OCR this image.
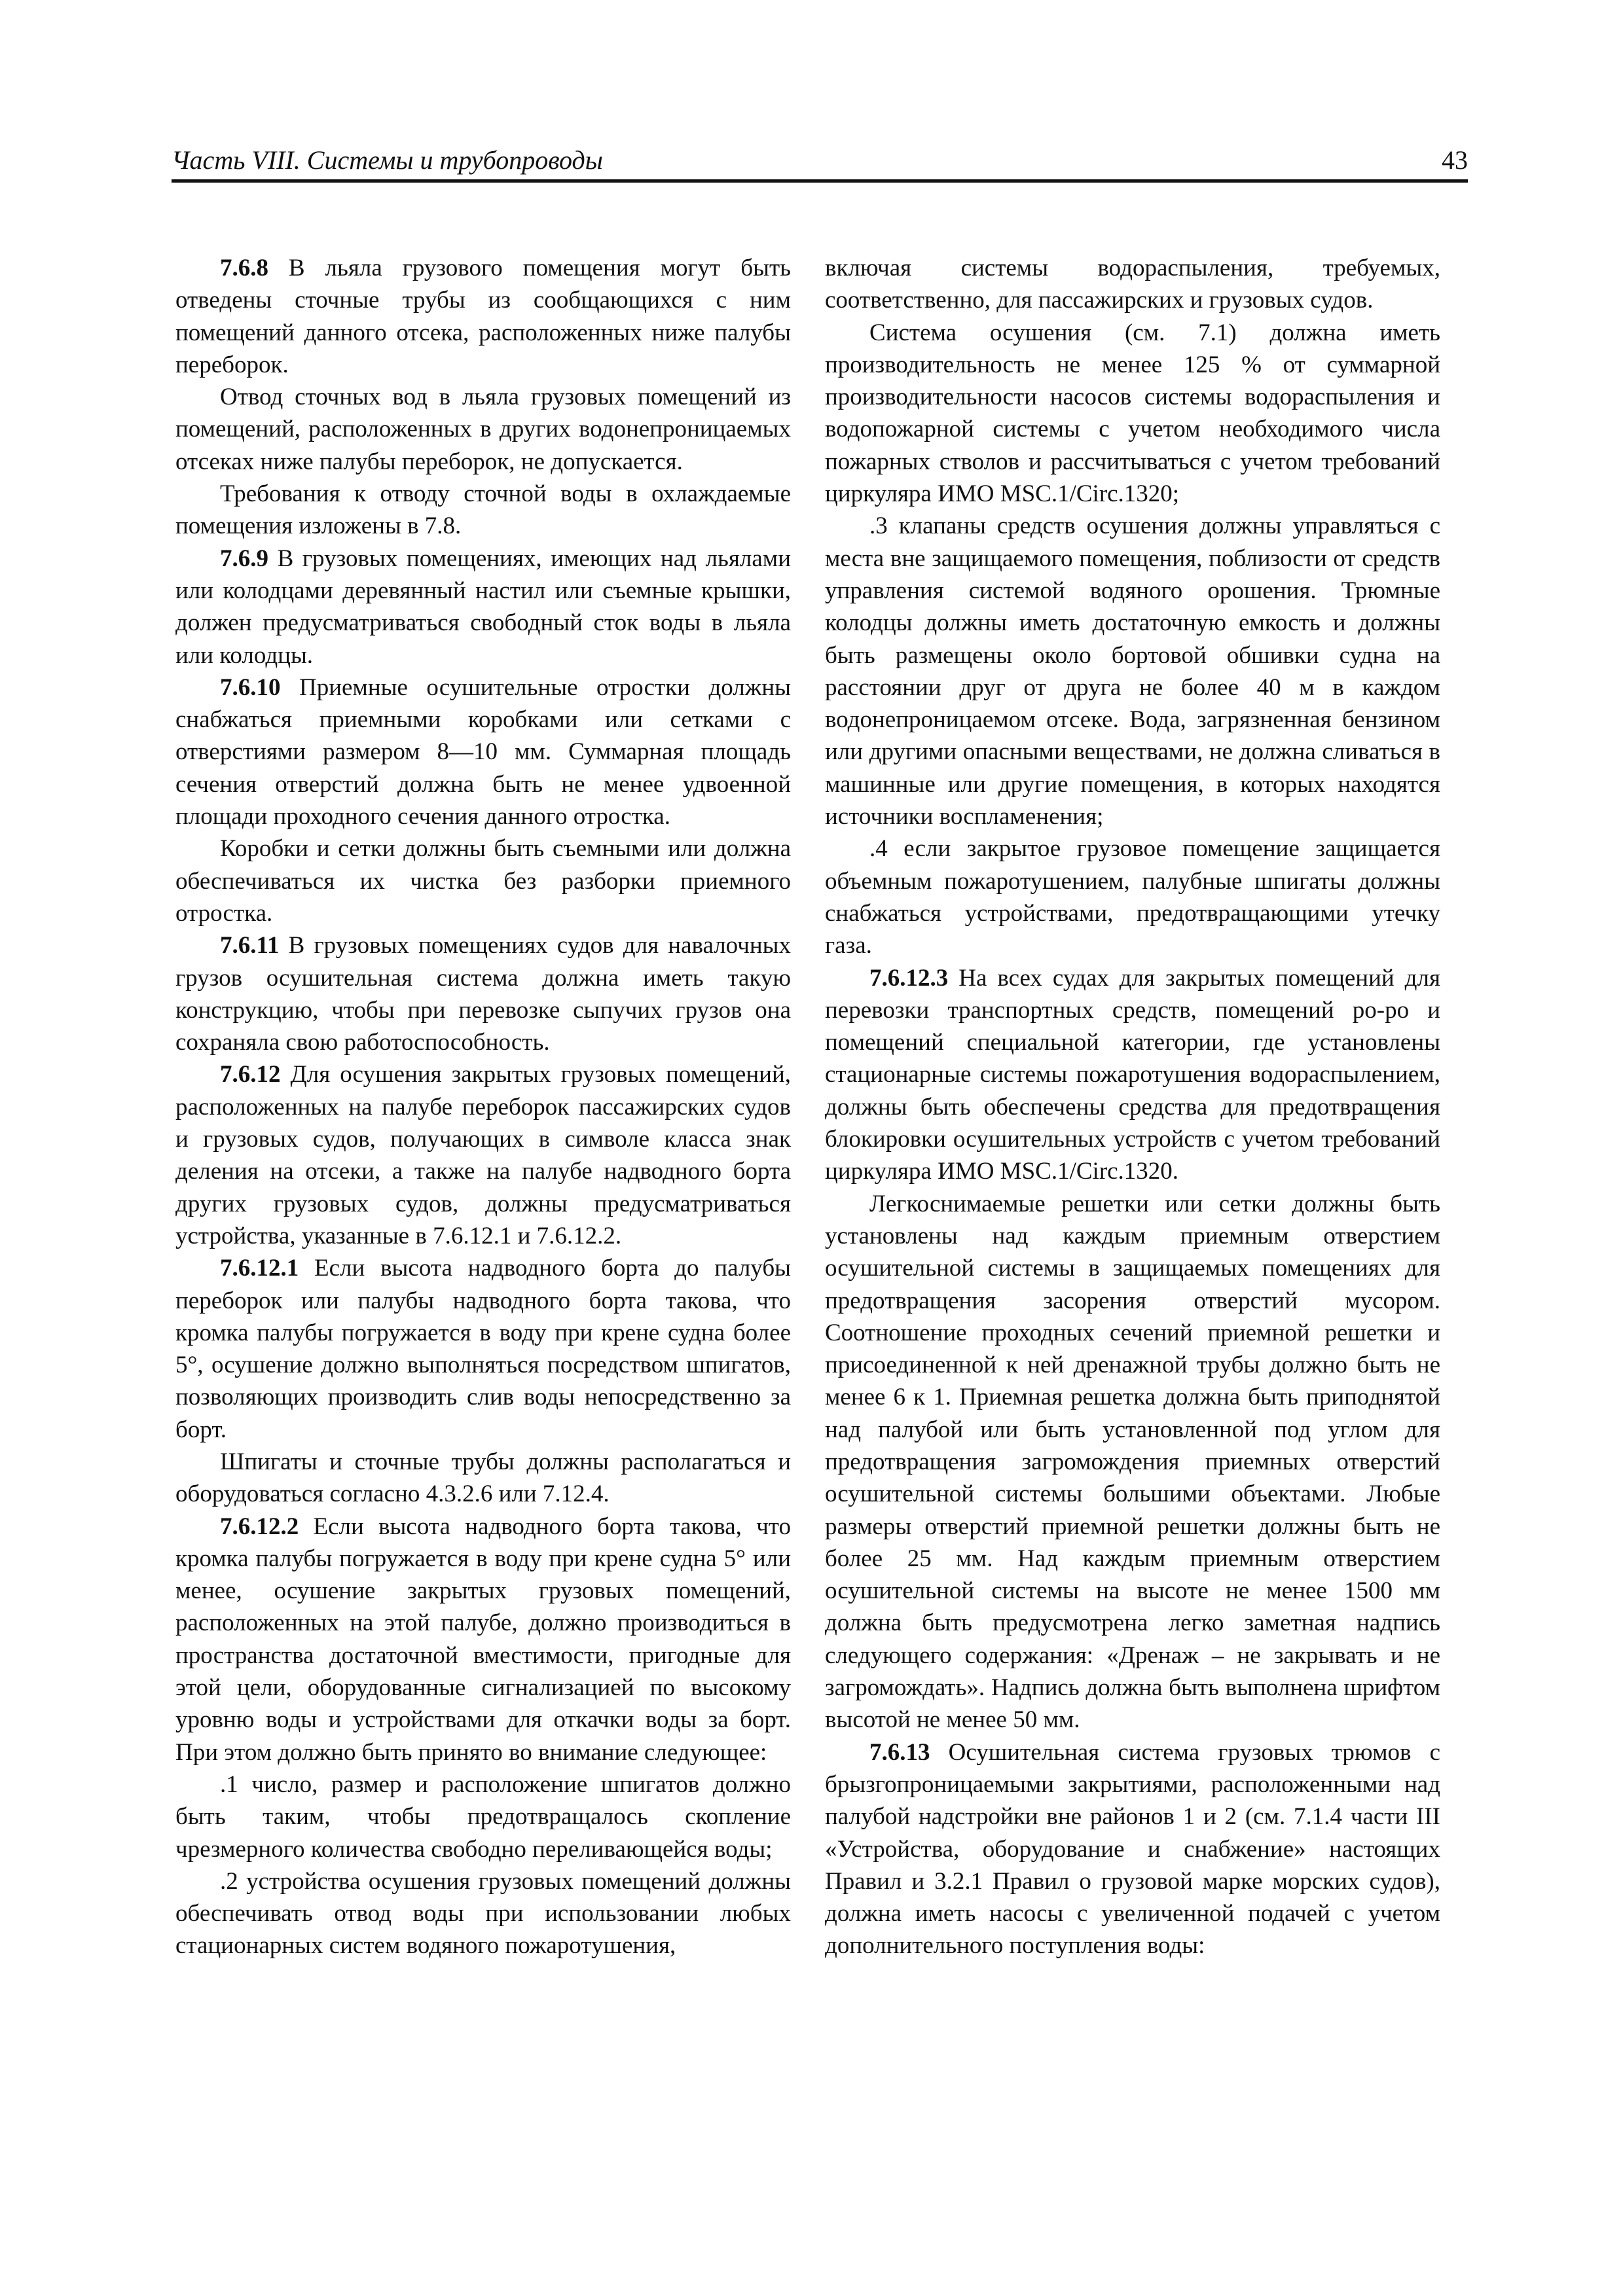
Часть VIII. Системы и трубопроводы	43

7.6.8 В льяла грузового помещения могут быть отведены сточные трубы из сообщающихся с ним помещений данного отсека, расположенных ниже палубы переборок.

Отвод сточных вод в льяла грузовых помещений из помещений, расположенных в других водонепроницаемых отсеках ниже палубы переборок, не допускается.

Требования к отводу сточной воды в охлаждаемые помещения изложены в 7.8.

7.6.9 В грузовых помещениях, имеющих над льялами или колодцами деревянный настил или съемные крышки, должен предусматриваться свободный сток воды в льяла или колодцы.

7.6.10 Приемные осушительные отростки должны снабжаться приемными коробками или сетками с отверстиями размером 8—10 мм. Суммарная площадь сечения отверстий должна быть не менее удвоенной площади проходного сечения данного отростка.

Коробки и сетки должны быть съемными или должна обеспечиваться их чистка без разборки приемного отростка.

7.6.11 В грузовых помещениях судов для навалочных грузов осушительная система должна иметь такую конструкцию, чтобы при перевозке сыпучих грузов она сохраняла свою работоспособность.

7.6.12 Для осушения закрытых грузовых помещений, расположенных на палубе переборок пассажирских судов и грузовых судов, получающих в символе класса знак деления на отсеки, а также на палубе надводного борта других грузовых судов, должны предусматриваться устройства, указанные в 7.6.12.1 и 7.6.12.2.

7.6.12.1 Если высота надводного борта до палубы переборок или палубы надводного борта такова, что кромка палубы погружается в воду при крене судна более 5°, осушение должно выполняться посредством шпигатов, позволяющих производить слив воды непосредственно за борт.

Шпигаты и сточные трубы должны располагаться и оборудоваться согласно 4.3.2.6 или 7.12.4.

7.6.12.2 Если высота надводного борта такова, что кромка палубы погружается в воду при крене судна 5° или менее, осушение закрытых грузовых помещений, расположенных на этой палубе, должно производиться в пространства достаточной вместимости, пригодные для этой цели, оборудованные сигнализацией по высокому уровню воды и устройствами для откачки воды за борт. При этом должно быть принято во внимание следующее:

.1 число, размер и расположение шпигатов должно быть таким, чтобы предотвращалось скопление чрезмерного количества свободно переливающейся воды;

.2 устройства осушения грузовых помещений должны обеспечивать отвод воды при использовании любых стационарных систем водяного пожаротушения,

включая системы водораспыления, требуемых, соответственно, для пассажирских и грузовых судов.

Система осушения (см. 7.1) должна иметь производительность не менее 125 % от суммарной производительности насосов системы водораспыления и водопожарной системы с учетом необходимого числа пожарных стволов и рассчитываться с учетом требований циркуляра ИМО MSC.1/Circ.1320;

.3 клапаны средств осушения должны управляться с места вне защищаемого помещения, поблизости от средств управления системой водяного орошения. Трюмные колодцы должны иметь достаточную емкость и должны быть размещены около бортовой обшивки судна на расстоянии друг от друга не более 40 м в каждом водонепроницаемом отсеке. Вода, загрязненная бензином или другими опасными веществами, не должна сливаться в машинные или другие помещения, в которых находятся источники воспламенения;

.4 если закрытое грузовое помещение защищается объемным пожаротушением, палубные шпигаты должны снабжаться устройствами, предотвращающими утечку газа.

7.6.12.3 На всех судах для закрытых помещений для перевозки транспортных средств, помещений ро-ро и помещений специальной категории, где установлены стационарные системы пожаротушения водораспылением, должны быть обеспечены средства для предотвращения блокировки осушительных устройств с учетом требований циркуляра ИМО MSC.1/Circ.1320.

Легкоснимаемые решетки или сетки должны быть установлены над каждым приемным отверстием осушительной системы в защищаемых помещениях для предотвращения засорения отверстий мусором. Соотношение проходных сечений приемной решетки и присоединенной к ней дренажной трубы должно быть не менее 6 к 1. Приемная решетка должна быть приподнятой над палубой или быть установленной под углом для предотвращения загромождения приемных отверстий осушительной системы большими объектами. Любые размеры отверстий приемной решетки должны быть не более 25 мм. Над каждым приемным отверстием осушительной системы на высоте не менее 1500 мм должна быть предусмотрена легко заметная надпись следующего содержания: «Дренаж – не закрывать и не загромождать». Надпись должна быть выполнена шрифтом высотой не менее 50 мм.

7.6.13 Осушительная система грузовых трюмов с брызгопроницаемыми закрытиями, расположенными над палубой надстройки вне районов 1 и 2 (см. 7.1.4 части III «Устройства, оборудование и снабжение» настоящих Правил и 3.2.1 Правил о грузовой марке морских судов), должна иметь насосы с увеличенной подачей с учетом дополнительного поступления воды:
